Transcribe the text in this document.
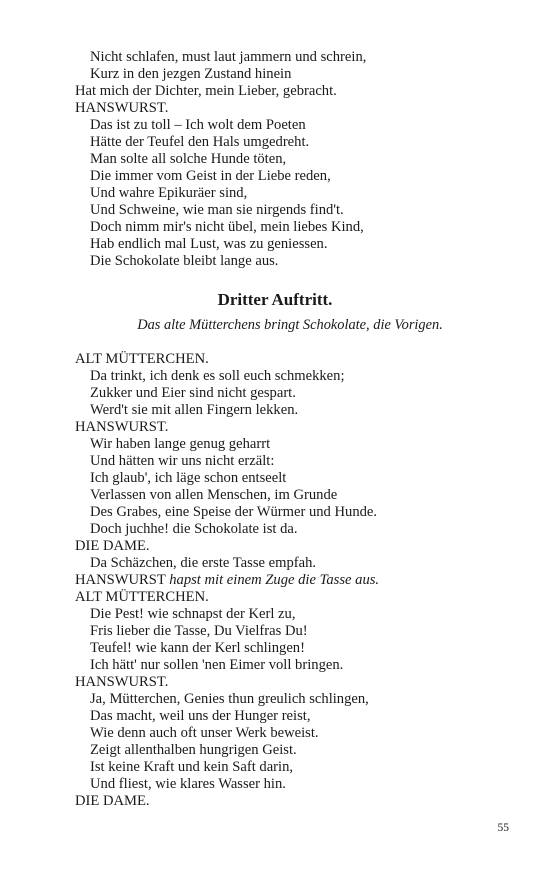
Nicht schlafen, must laut jammern und schrein,
Kurz in den jezgen Zustand hinein
Hat mich der Dichter, mein Lieber, gebracht.
HANSWURST.
Das ist zu toll – Ich wolt dem Poeten
Hätte der Teufel den Hals umgedreht.
Man solte all solche Hunde töten,
Die immer vom Geist in der Liebe reden,
Und wahre Epikuräer sind,
Und Schweine, wie man sie nirgends find't.
Doch nimm mir's nicht übel, mein liebes Kind,
Hab endlich mal Lust, was zu geniessen.
Die Schokolate bleibt lange aus.
Dritter Auftritt.
Das alte Mütterchens bringt Schokolate, die Vorigen.
ALT MÜTTERCHEN.
Da trinkt, ich denk es soll euch schmekken;
Zukker und Eier sind nicht gespart.
Werd't sie mit allen Fingern lekken.
HANSWURST.
Wir haben lange genug geharrt
Und hätten wir uns nicht erzält:
Ich glaub', ich läge schon entseelt
Verlassen von allen Menschen, im Grunde
Des Grabes, eine Speise der Würmer und Hunde.
Doch juchhe! die Schokolate ist da.
DIE DAME.
Da Schäzchen, die erste Tasse empfah.
HANSWURST hapst mit einem Zuge die Tasse aus.
ALT MÜTTERCHEN.
Die Pest! wie schnapst der Kerl zu,
Fris lieber die Tasse, Du Vielfras Du!
Teufel! wie kann der Kerl schlingen!
Ich hätt' nur sollen 'nen Eimer voll bringen.
HANSWURST.
Ja, Mütterchen, Genies thun greulich schlingen,
Das macht, weil uns der Hunger reist,
Wie denn auch oft unser Werk beweist.
Zeigt allenthalben hungrigen Geist.
Ist keine Kraft und kein Saft darin,
Und fliest, wie klares Wasser hin.
DIE DAME.
55
